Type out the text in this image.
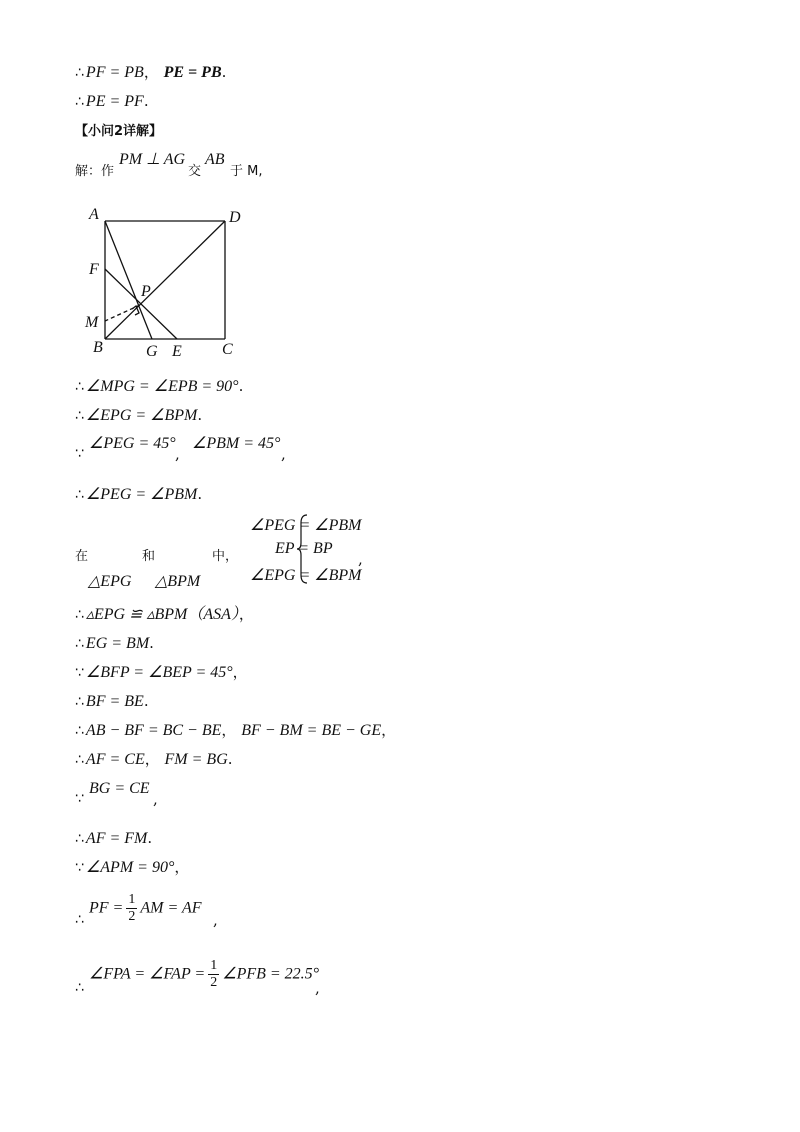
∴ PF = PB， PE = PB.
∴ PE = PF.
【小问2详解】
解：作
PM ⊥ AG
交
AB
于 M,
A	D
F
P
M
B	G E	C
∴ ∠MPG = ∠EPB = 90°.
∴ ∠EPG = ∠BPM.
∵
∠PEG = 45°
,
∠PBM = 45°
,
∴ ∠PEG = ∠PBM.
在	和	中，
△EPG △BPM
∠PEG = ∠PBM
EP = BP
∠EPG = ∠BPM
,
∴ ▵EPG ≌ ▵BPM（ASA），
∴ EG = BM.
∵ ∠BFP = ∠BEP = 45°，
∴ BF = BE.
∴ AB − BF = BC − BE， BF − BM = BE − GE，
∴ AF = CE， FM = BG.
∵
BG = CE
,
∴ AF = FM.
∵ ∠APM = 90°，
∴
PF = $\frac{1}{2}$ AM = AF
,
∴
∠FPA = ∠FAP = $\frac{1}{2}$ ∠PFB = 22.5°
,
